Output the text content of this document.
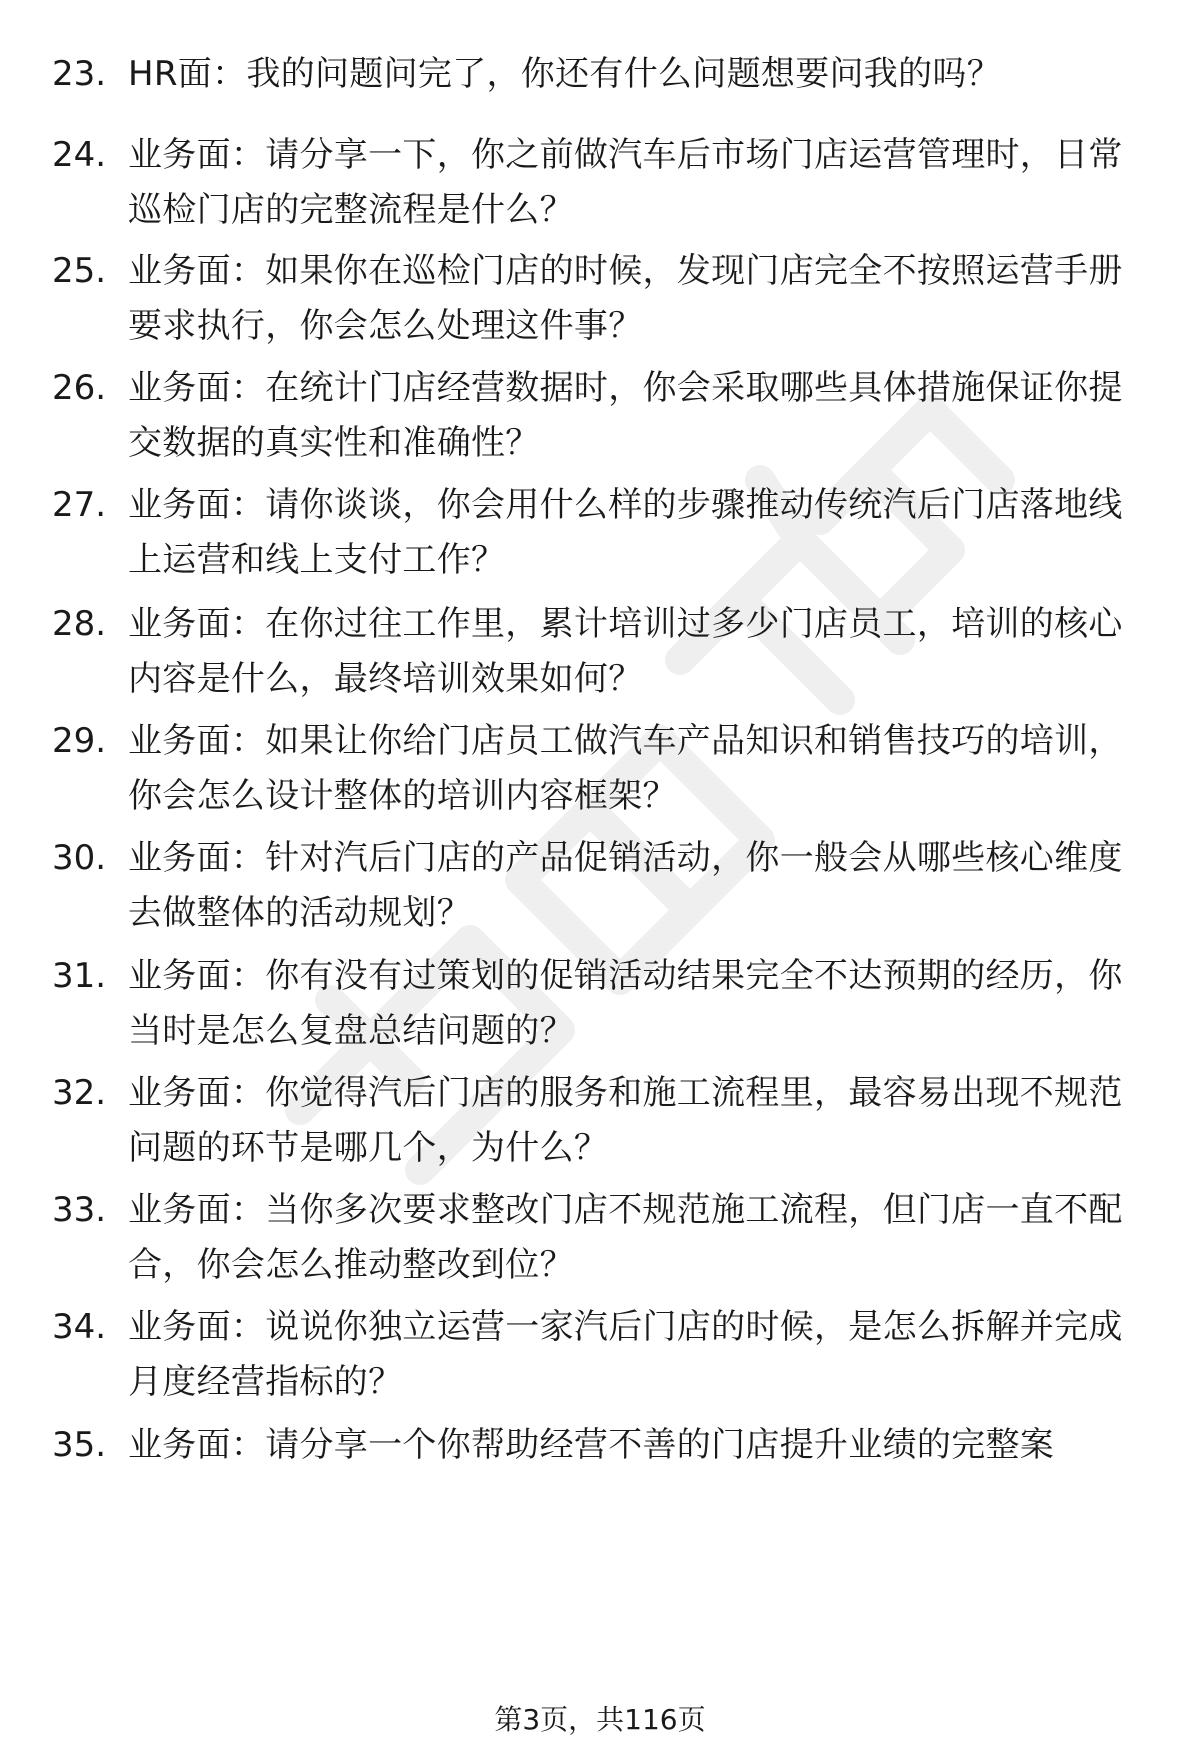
23. HR面：我的问题问完了，你还有什么问题想要问我的吗？
24. 业务面：请分享一下，你之前做汽车后市场门店运营管理时，日常巡检门店的完整流程是什么？
25. 业务面：如果你在巡检门店的时候，发现门店完全不按照运营手册要求执行，你会怎么处理这件事？
26. 业务面：在统计门店经营数据时，你会采取哪些具体措施保证你提交数据的真实性和准确性？
27. 业务面：请你谈谈，你会用什么样的步骤推动传统汽后门店落地线上运营和线上支付工作？
28. 业务面：在你过往工作里，累计培训过多少门店员工，培训的核心内容是什么，最终培训效果如何？
29. 业务面：如果让你给门店员工做汽车产品知识和销售技巧的培训，你会怎么设计整体的培训内容框架？
30. 业务面：针对汽后门店的产品促销活动，你一般会从哪些核心维度去做整体的活动规划？
31. 业务面：你有没有过策划的促销活动结果完全不达预期的经历，你当时是怎么复盘总结问题的？
32. 业务面：你觉得汽后门店的服务和施工流程里，最容易出现不规范问题的环节是哪几个，为什么？
33. 业务面：当你多次要求整改门店不规范施工流程，但门店一直不配合，你会怎么推动整改到位？
34. 业务面：说说你独立运营一家汽后门店的时候，是怎么拆解并完成月度经营指标的？
35. 业务面：请分享一个你帮助经营不善的门店提升业绩的完整案
第3页，共116页
